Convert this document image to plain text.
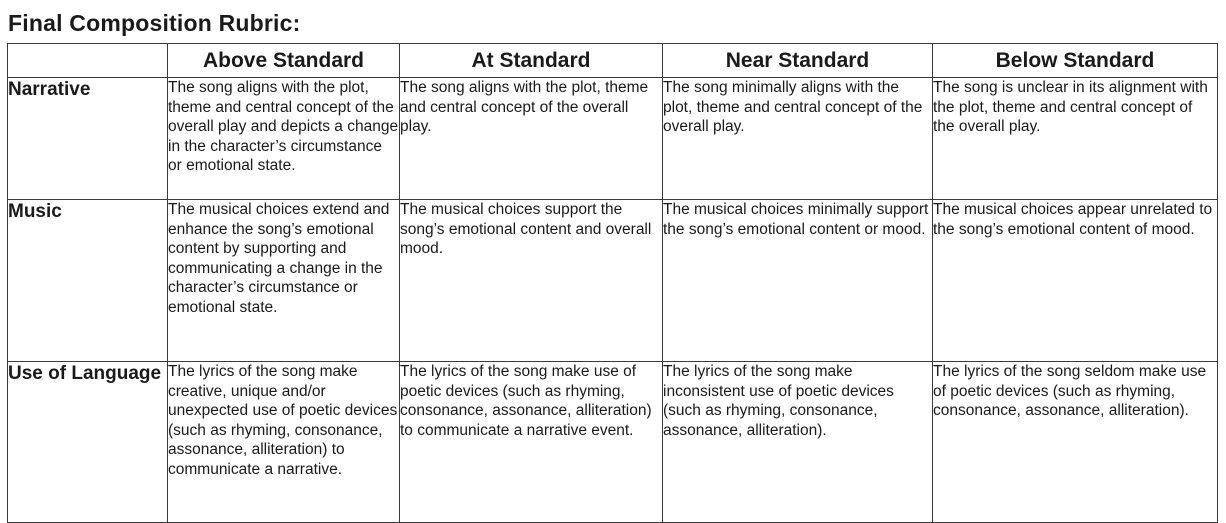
Final Composition Rubric:
	Above Standard	At Standard	Near Standard	Below Standard
Narrative	The song aligns with the plot, theme and central concept of the overall play and depicts a change in the character’s circumstance or emotional state.	The song aligns with the plot, theme and central concept of the overall play.	The song minimally aligns with the plot, theme and central concept of the overall play.	The song is unclear in its alignment with the plot, theme and central concept of the overall play.
Music	The musical choices extend and enhance the song’s emotional content by supporting and communicating a change in the character’s circumstance or emotional state.	The musical choices support the song’s emotional content and overall mood.	The musical choices minimally support the song’s emotional content or mood.	The musical choices appear unrelated to the song’s emotional content of mood.
Use of Language	The lyrics of the song make creative, unique and/or unexpected use of poetic devices (such as rhyming, consonance, assonance, alliteration) to communicate a narrative.	The lyrics of the song make use of poetic devices (such as rhyming, consonance, assonance, alliteration) to communicate a narrative event.	The lyrics of the song make inconsistent use of poetic devices (such as rhyming, consonance, assonance, alliteration).	The lyrics of the song seldom make use of poetic devices (such as rhyming, consonance, assonance, alliteration).
